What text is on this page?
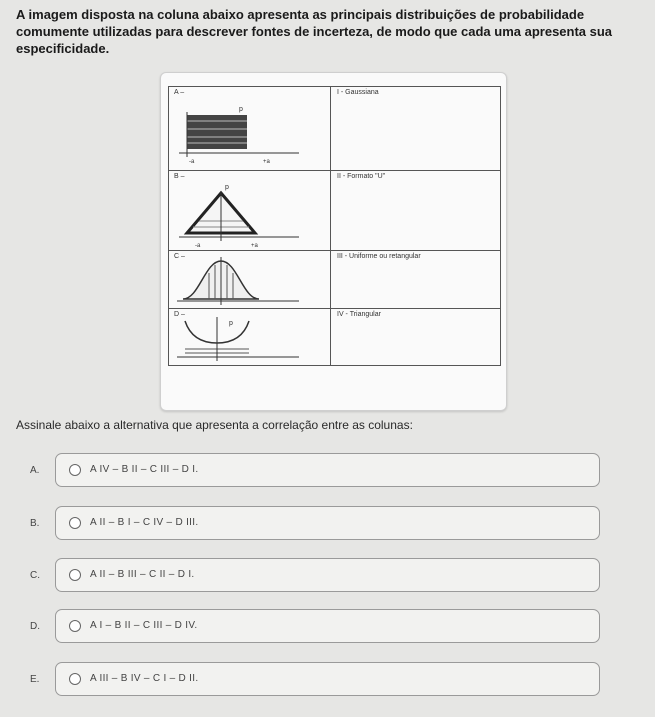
A imagem disposta na coluna abaixo apresenta as principais distribuições de probabilidade comumente utilizadas para descrever fontes de incerteza, de modo que cada uma apresenta sua especificidade.
A –
p
-a	+a
I - Gaussiana
B –
p
-a	+a
II - Formato "U"
C –	III - Uniforme ou retangular
D –
p
IV - Triangular
Assinale abaixo a alternativa que apresenta a correlação entre as colunas:
A.	A IV – B II – C III – D I.
B.	A II – B I – C IV – D III.
C.	A II – B III – C II – D I.
D.	A I – B II – C III – D IV.
E.	A III – B IV – C I – D II.
